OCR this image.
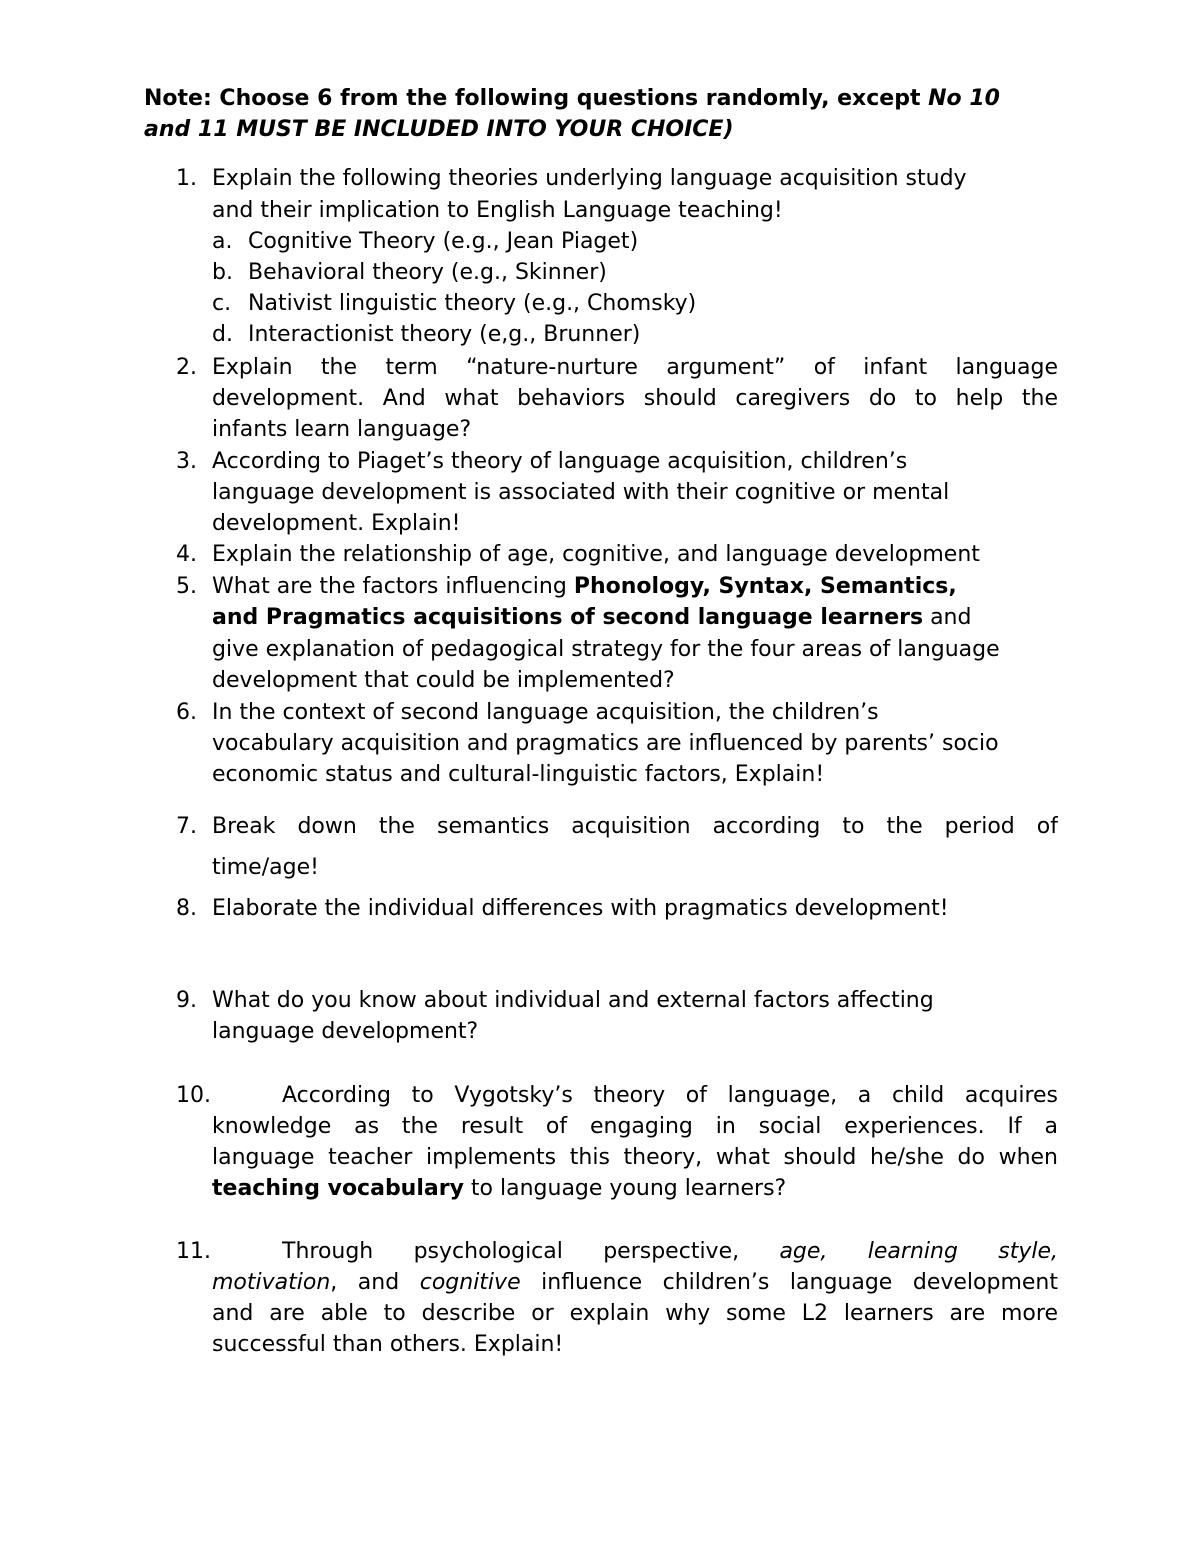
Note: Choose 6 from the following questions randomly, except No 10 and 11 MUST BE INCLUDED INTO YOUR CHOICE)

1. Explain the following theories underlying language acquisition study
and their implication to English Language teaching!
a. Cognitive Theory (e.g., Jean Piaget)
b. Behavioral theory (e.g., Skinner)
c. Nativist linguistic theory (e.g., Chomsky)
d. Interactionist theory (e,g., Brunner)
2. Explain the term “nature-nurture argument” of infant language
development. And what behaviors should caregivers do to help the
infants learn language?
3. According to Piaget’s theory of language acquisition, children’s
language development is associated with their cognitive or mental
development. Explain!
4. Explain the relationship of age, cognitive, and language development
5. What are the factors influencing Phonology, Syntax, Semantics,
and Pragmatics acquisitions of second language learners and
give explanation of pedagogical strategy for the four areas of language
development that could be implemented?
6. In the context of second language acquisition, the children’s
vocabulary acquisition and pragmatics are influenced by parents’ socio
economic status and cultural-linguistic factors, Explain!
7. Break down the semantics acquisition according to the period of
time/age!
8. Elaborate the individual differences with pragmatics development!
9. What do you know about individual and external factors affecting
language development?
10.	According to Vygotsky’s theory of language, a child acquires
knowledge as the result of engaging in social experiences. If a
language teacher implements this theory, what should he/she do when
teaching vocabulary to language young learners?
11.	Through psychological perspective, age, learning style,
motivation, and cognitive influence children’s language development
and are able to describe or explain why some L2 learners are more
successful than others. Explain!
